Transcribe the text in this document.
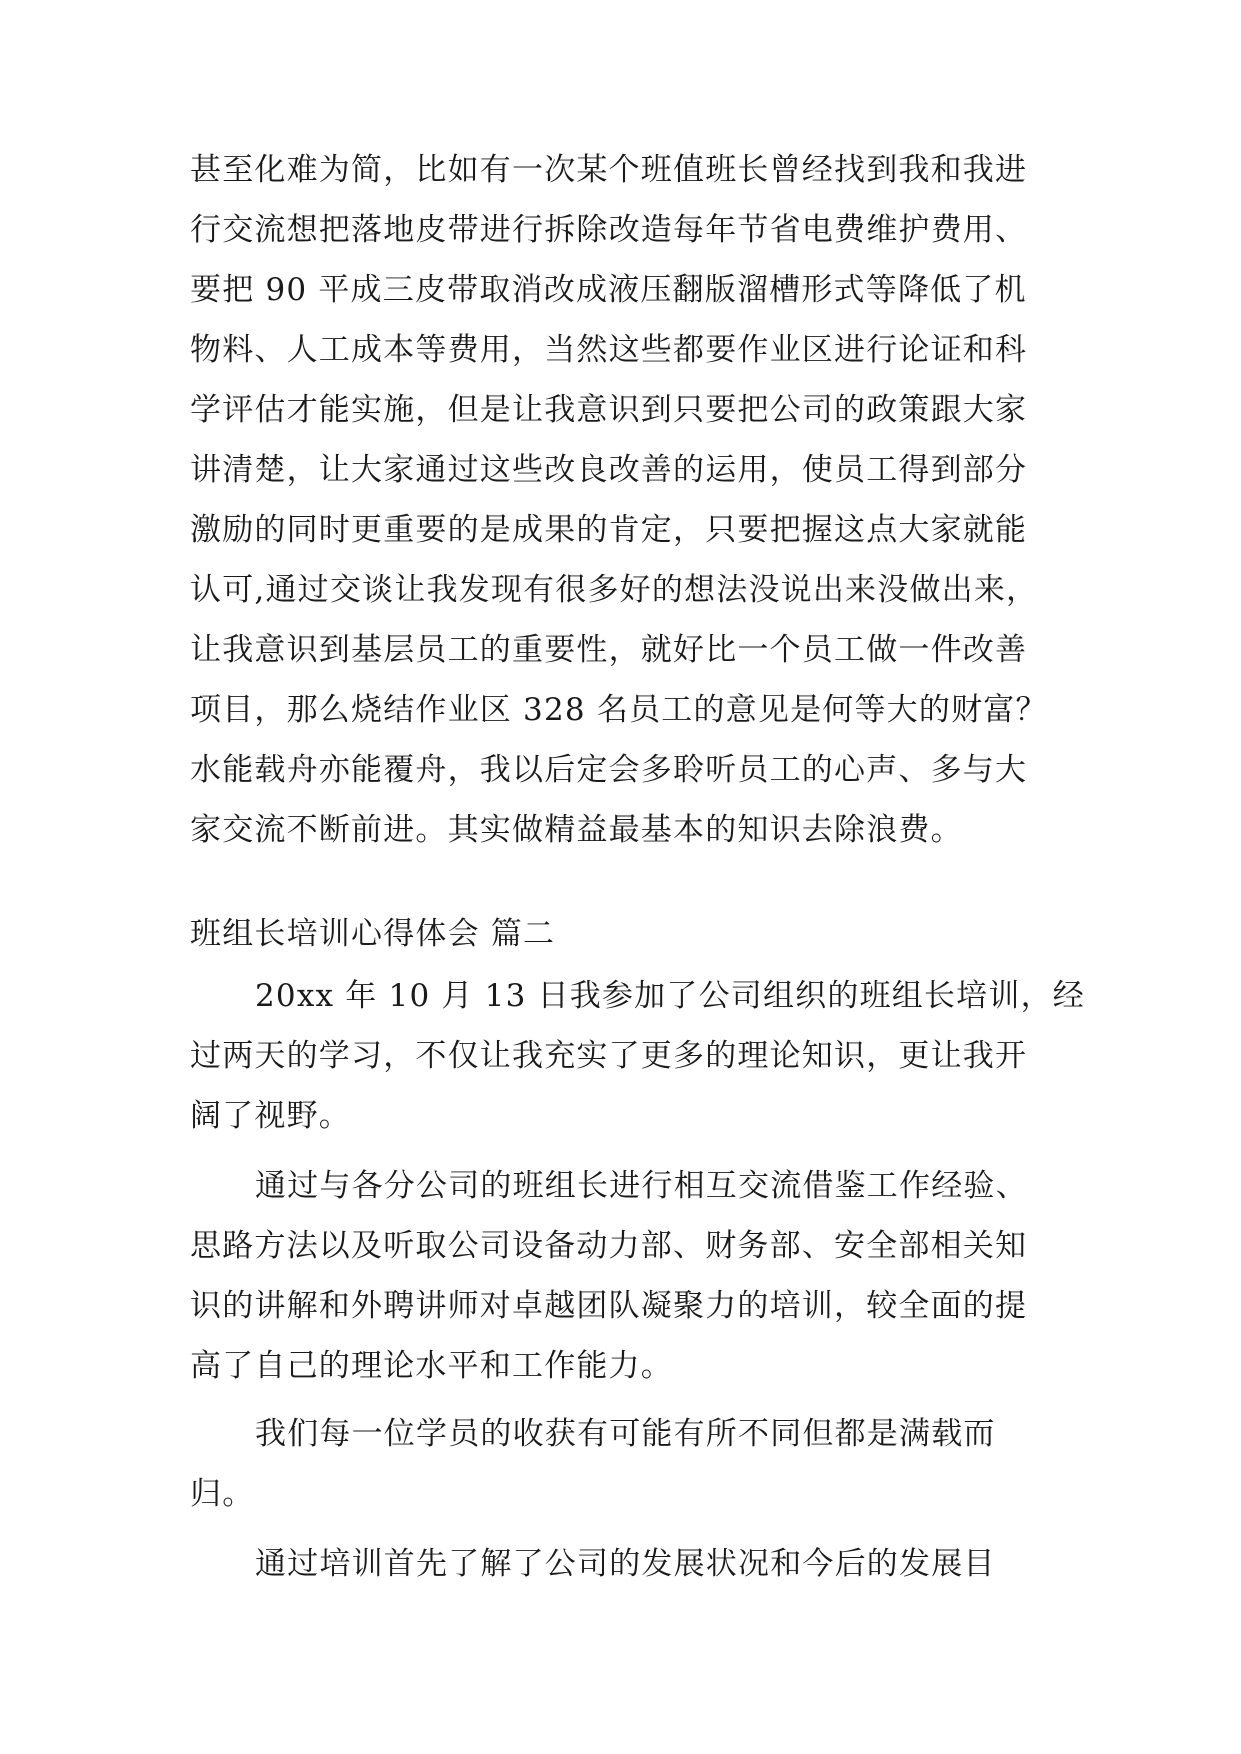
甚至化难为简，比如有一次某个班值班长曾经找到我和我进
行交流想把落地皮带进行拆除改造每年节省电费维护费用、
要把 90 平成三皮带取消改成液压翻版溜槽形式等降低了机
物料、人工成本等费用，当然这些都要作业区进行论证和科
学评估才能实施，但是让我意识到只要把公司的政策跟大家
讲清楚，让大家通过这些改良改善的运用，使员工得到部分
激励的同时更重要的是成果的肯定，只要把握这点大家就能
认可,通过交谈让我发现有很多好的想法没说出来没做出来，
让我意识到基层员工的重要性，就好比一个员工做一件改善
项目，那么烧结作业区 328 名员工的意见是何等大的财富？
水能载舟亦能覆舟，我以后定会多聆听员工的心声、多与大
家交流不断前进。其实做精益最基本的知识去除浪费。
班组长培训心得体会 篇二
20xx 年 10 月 13 日我参加了公司组织的班组长培训，经
过两天的学习，不仅让我充实了更多的理论知识，更让我开
阔了视野。
通过与各分公司的班组长进行相互交流借鉴工作经验、
思路方法以及听取公司设备动力部、财务部、安全部相关知
识的讲解和外聘讲师对卓越团队凝聚力的培训，较全面的提
高了自己的理论水平和工作能力。
我们每一位学员的收获有可能有所不同但都是满载而
归。
通过培训首先了解了公司的发展状况和今后的发展目
